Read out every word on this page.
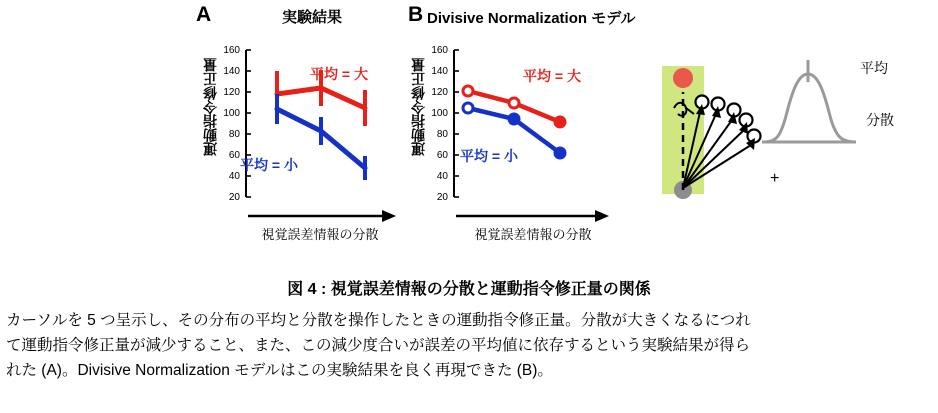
A	実験結果
運動指令修正量
160
140
120
100
80
60
40
20
平均 = 大
平均 = 小
視覚誤差情報の分散
B Divisive Normalization モデル
運動指令修正量
160
140
120
100
80
60
40
20
平均 = 大
平均 = 小
視覚誤差情報の分散
平均
分散
+
図 4 : 視覚誤差情報の分散と運動指令修正量の関係
カーソルを 5 つ呈示し、その分布の平均と分散を操作したときの運動指令修正量。分散が大きくなるにつれ
て運動指令修正量が減少すること、また、この減少度合いが誤差の平均値に依存するという実験結果が得ら
れた (A)。Divisive Normalization モデルはこの実験結果を良く再現できた (B)。
